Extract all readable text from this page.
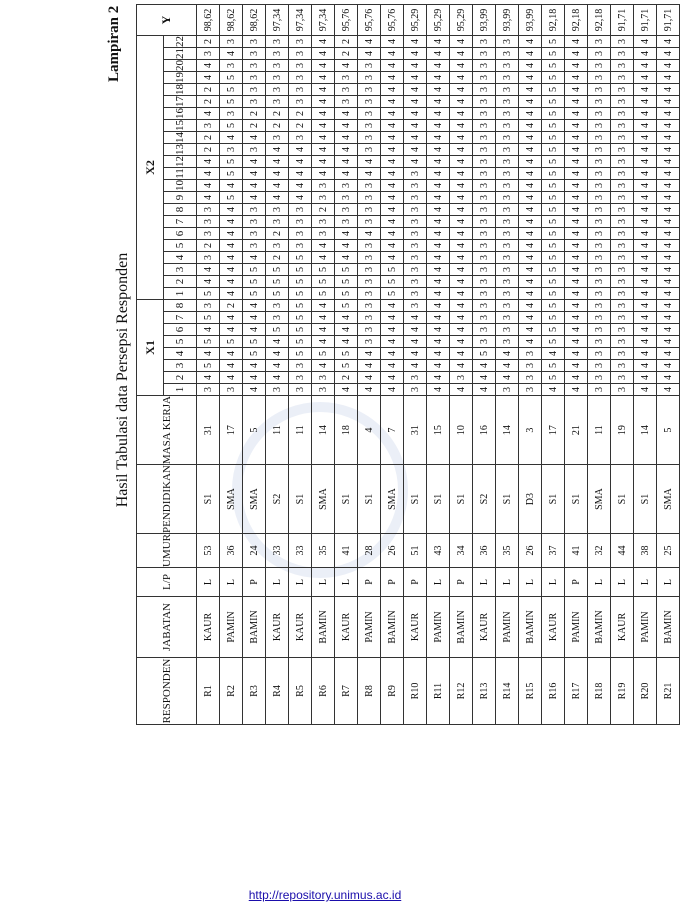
Hasil Tabulasi data Persepsi Responden
Lampiran 2
RESPONDEN	JABATAN	L/P	UMUR	PENDIDIKAN	MASA KERJA	X1								X2																						Y
						1	2	3	4	5	6	7	8	1	2	3	4	5	6	7	8	9	10	11	12	13	14	15	16	17	18	19	20	21	22	
R1	KAUR	L	53	S1	31	3	4	5	4	5	4	5	3	5	4	4	3	2	3	3	3	4	4	4	4	2	2	3	4	2	2	4	4	3	2	98,62
R2	PAMIN	L	36	SMA	17	3	4	4	4	5	4	4	2	4	4	4	4	4	4	4	4	5	4	5	5	3	4	5	3	5	5	5	3	4	3	98,62
R3	BAMIN	P	24	SMA	5	4	4	4	5	5	4	4	4	5	5	5	4	3	3	3	3	4	4	4	4	3	4	2	2	3	3	3	3	3	3	98,62
R4	KAUR	L	33	S2	11	3	4	4	4	4	5	3	3	5	5	5	2	3	2	3	3	4	4	4	4	4	3	2	2	3	3	3	3	3	3	97,34
R5	KAUR	L	33	S1	11	3	3	3	5	5	5	5	5	5	5	5	5	3	3	3	3	4	4	4	4	4	3	2	2	3	3	3	3	3	3	97,34
R6	BAMIN	L	35	SMA	14	3	3	4	5	4	4	4	4	5	5	5	4	4	3	3	2	3	3	4	4	4	4	4	4	4	4	4	4	4	4	97,34
R7	KAUR	L	41	S1	18	4	2	5	5	4	4	4	5	5	5	5	4	4	4	3	3	3	3	4	4	4	4	4	4	3	3	3	4	2	2	95,76
R8	PAMIN	P	28	S1	4	4	4	4	4	3	3	3	3	3	3	3	3	3	4	3	3	3	3	4	4	3	3	3	3	3	3	3	3	4	4	95,76
R9	BAMIN	P	26	SMA	7	4	4	4	4	4	4	4	4	5	5	5	4	4	4	4	4	4	4	4	4	4	4	4	4	4	4	4	4	4	4	95,76
R10	KAUR	P	51	S1	31	3	3	4	4	4	4	4	3	3	3	3	3	3	3	3	3	3	3	3	4	4	4	4	4	4	4	4	4	4	4	95,29
R11	PAMIN	L	43	S1	15	4	4	4	4	4	4	4	4	4	4	4	4	4	4	4	4	4	4	4	4	4	4	4	4	4	4	4	4	4	4	95,29
R12	BAMIN	P	34	S1	10	4	3	4	4	4	4	4	4	4	4	4	4	4	4	4	4	4	4	4	4	4	4	4	4	4	4	4	4	4	4	95,29
R13	KAUR	L	36	S2	16	4	4	4	5	3	3	3	3	3	3	3	3	3	3	3	3	3	3	3	3	3	3	3	3	3	3	3	3	3	3	93,99
R14	PAMIN	L	35	S1	14	3	4	4	4	3	3	3	3	3	3	3	3	3	3	3	3	3	3	3	3	3	3	3	3	3	3	3	3	3	3	93,99
R15	BAMIN	L	26	D3	3	3	3	3	3	4	4	4	4	4	4	4	4	4	4	4	4	4	4	4	4	4	4	4	4	4	4	4	4	4	4	93,99
R16	KAUR	L	37	S1	17	4	5	5	4	5	5	5	5	5	5	5	5	5	5	5	5	5	5	5	5	5	5	5	5	5	5	5	5	5	5	92,18
R17	PAMIN	P	41	S1	21	4	4	4	4	4	4	4	4	4	4	4	4	4	4	4	4	4	4	4	4	4	4	4	4	4	4	4	4	4	4	92,18
R18	BAMIN	L	32	SMA	11	3	3	3	3	3	3	3	3	3	3	3	3	3	3	3	3	3	3	3	3	3	3	3	3	3	3	3	3	3	3	92,18
R19	KAUR	L	44	S1	19	3	3	3	3	3	3	3	3	3	3	3	3	3	3	3	3	3	3	3	3	3	3	3	3	3	3	3	3	3	3	91,71
R20	PAMIN	L	38	S1	14	4	4	4	4	4	4	4	4	4	4	4	4	4	4	4	4	4	4	4	4	4	4	4	4	4	4	4	4	4	4	91,71
R21	BAMIN	L	25	SMA	5	4	4	4	4	4	4	4	4	4	4	4	4	4	4	4	4	4	4	4	4	4	4	4	4	4	4	4	4	4	4	91,71
http://repository.unimus.ac.id
